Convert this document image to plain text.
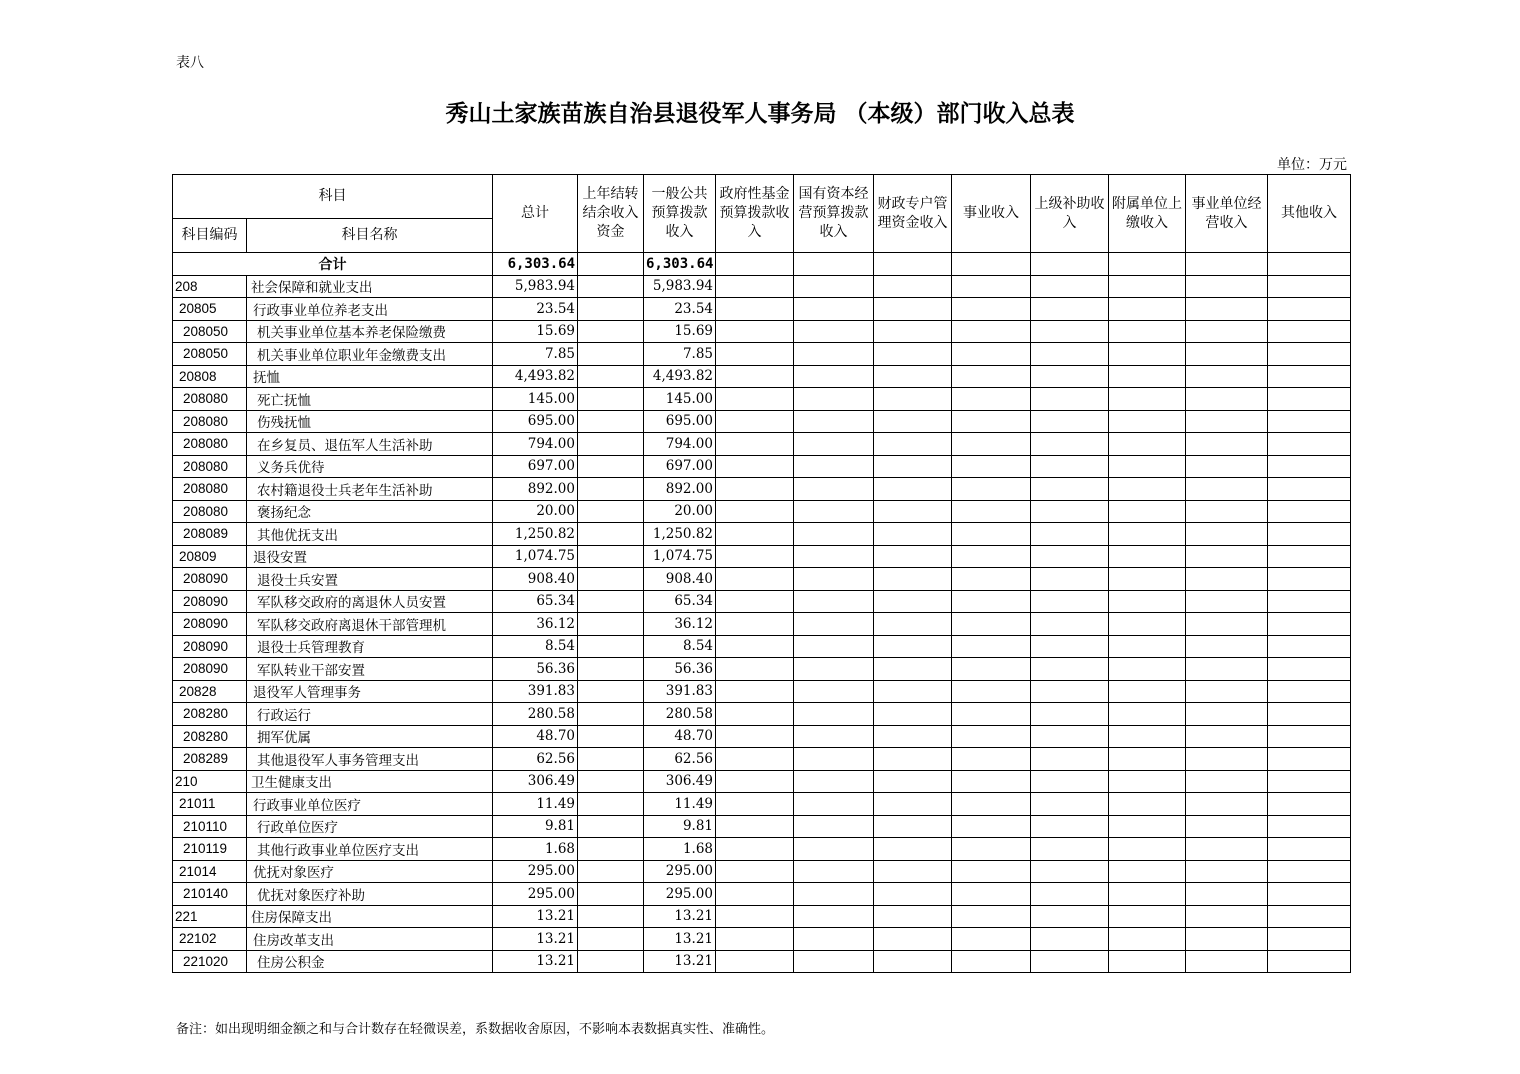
表八
秀山土家族苗族自治县退役军人事务局 （本级）部门收入总表
单位：万元
科目		总计	上年结转结余收入资金	一般公共预算拨款收入	政府性基金预算拨款收入	国有资本经营预算拨款收入	财政专户管理资金收入	事业收入	上级补助收入	附属单位上缴收入	事业单位经营收入	其他收入
科目编码	科目名称											
合计		6,303.64		6,303.64								
208	社会保障和就业支出	5,983.94		5,983.94								
20805	行政事业单位养老支出	23.54		23.54								
208050	机关事业单位基本养老保险缴费	15.69		15.69								
208050	机关事业单位职业年金缴费支出	7.85		7.85								
20808	抚恤	4,493.82		4,493.82								
208080	死亡抚恤	145.00		145.00								
208080	伤残抚恤	695.00		695.00								
208080	在乡复员、退伍军人生活补助	794.00		794.00								
208080	义务兵优待	697.00		697.00								
208080	农村籍退役士兵老年生活补助	892.00		892.00								
208080	褒扬纪念	20.00		20.00								
208089	其他优抚支出	1,250.82		1,250.82								
20809	退役安置	1,074.75		1,074.75								
208090	退役士兵安置	908.40		908.40								
208090	军队移交政府的离退休人员安置	65.34		65.34								
208090	军队移交政府离退休干部管理机	36.12		36.12								
208090	退役士兵管理教育	8.54		8.54								
208090	军队转业干部安置	56.36		56.36								
20828	退役军人管理事务	391.83		391.83								
208280	行政运行	280.58		280.58								
208280	拥军优属	48.70		48.70								
208289	其他退役军人事务管理支出	62.56		62.56								
210	卫生健康支出	306.49		306.49								
21011	行政事业单位医疗	11.49		11.49								
210110	行政单位医疗	9.81		9.81								
210119	其他行政事业单位医疗支出	1.68		1.68								
21014	优抚对象医疗	295.00		295.00								
210140	优抚对象医疗补助	295.00		295.00								
221	住房保障支出	13.21		13.21								
22102	住房改革支出	13.21		13.21								
221020	住房公积金	13.21		13.21								
备注：如出现明细金额之和与合计数存在轻微误差，系数据收舍原因，不影响本表数据真实性、准确性。
